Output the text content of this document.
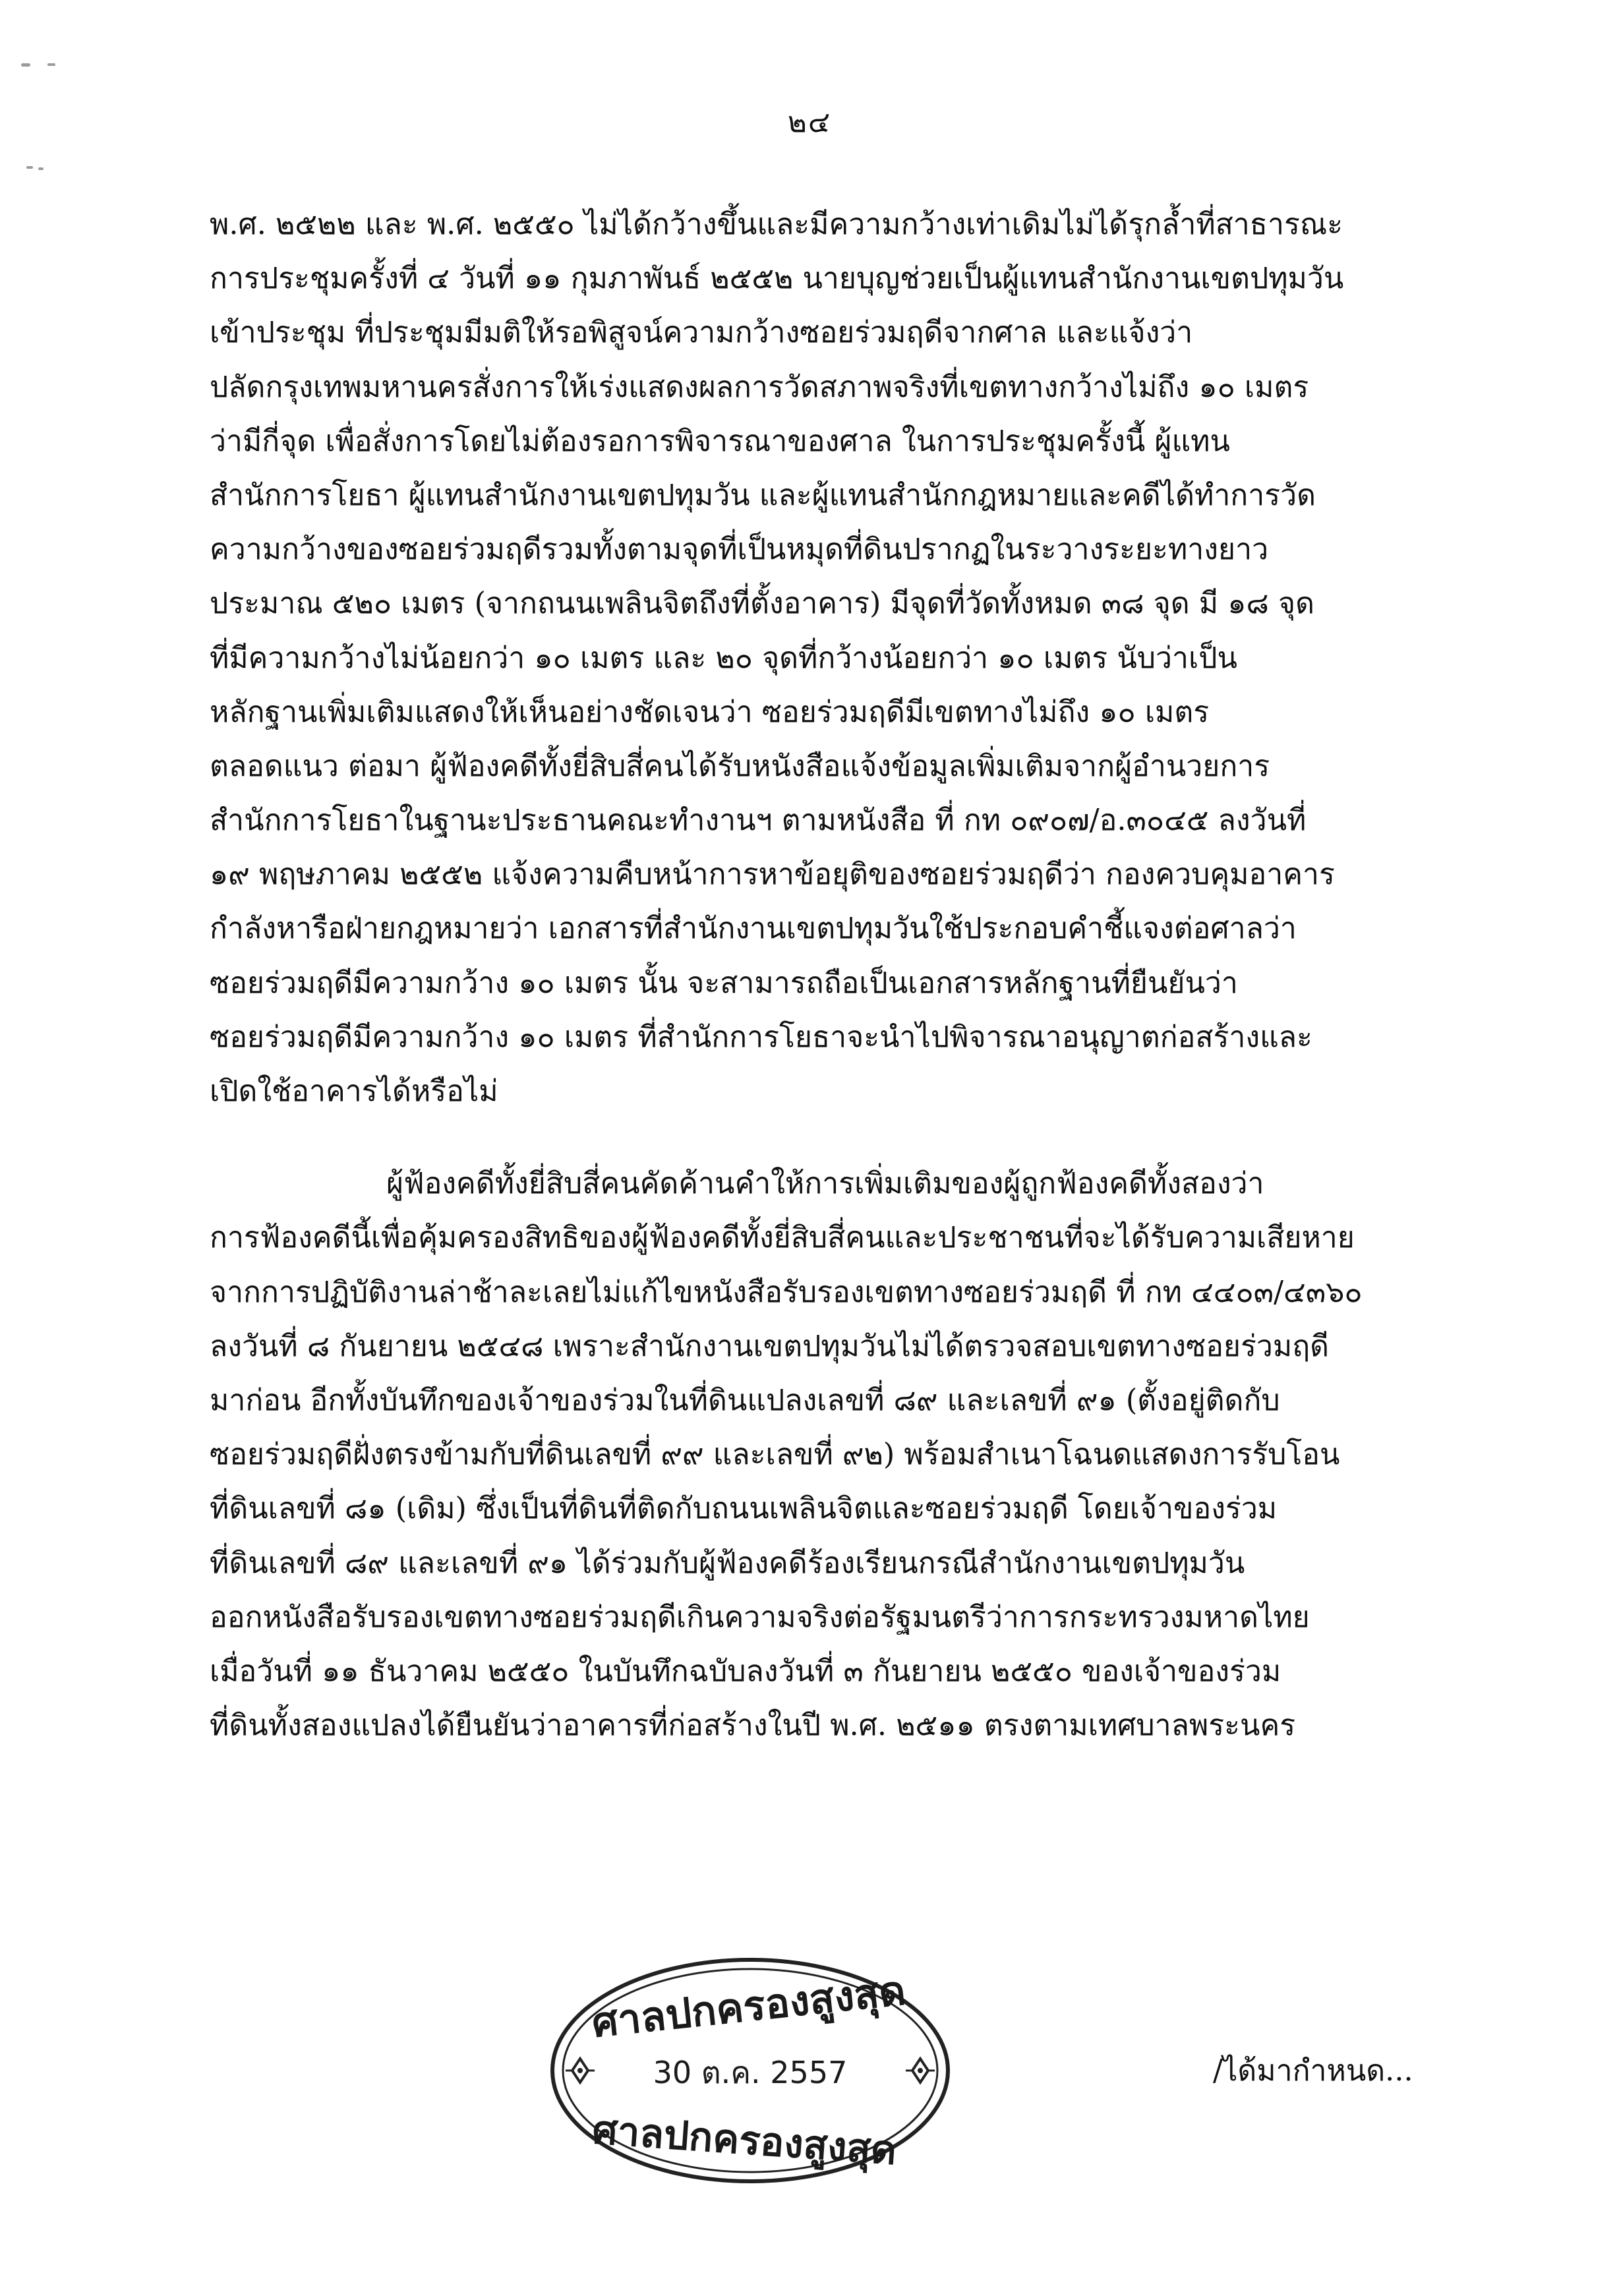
๒๔
พ.ศ. ๒๕๒๒ และ พ.ศ. ๒๕๕๐ ไม่ได้กว้างขึ้นและมีความกว้างเท่าเดิมไม่ได้รุกล้ำที่สาธารณะ
การประชุมครั้งที่ ๔ วันที่ ๑๑ กุมภาพันธ์ ๒๕๕๒ นายบุญช่วยเป็นผู้แทนสำนักงานเขตปทุมวัน
เข้าประชุม ที่ประชุมมีมติให้รอพิสูจน์ความกว้างซอยร่วมฤดีจากศาล และแจ้งว่า
ปลัดกรุงเทพมหานครสั่งการให้เร่งแสดงผลการวัดสภาพจริงที่เขตทางกว้างไม่ถึง ๑๐ เมตร
ว่ามีกี่จุด เพื่อสั่งการโดยไม่ต้องรอการพิจารณาของศาล ในการประชุมครั้งนี้ ผู้แทน
สำนักการโยธา ผู้แทนสำนักงานเขตปทุมวัน และผู้แทนสำนักกฎหมายและคดีได้ทำการวัด
ความกว้างของซอยร่วมฤดีรวมทั้งตามจุดที่เป็นหมุดที่ดินปรากฏในระวางระยะทางยาว
ประมาณ ๕๒๐ เมตร (จากถนนเพลินจิตถึงที่ตั้งอาคาร) มีจุดที่วัดทั้งหมด ๓๘ จุด มี ๑๘ จุด
ที่มีความกว้างไม่น้อยกว่า ๑๐ เมตร และ ๒๐ จุดที่กว้างน้อยกว่า ๑๐ เมตร นับว่าเป็น
หลักฐานเพิ่มเติมแสดงให้เห็นอย่างชัดเจนว่า ซอยร่วมฤดีมีเขตทางไม่ถึง ๑๐ เมตร
ตลอดแนว ต่อมา ผู้ฟ้องคดีทั้งยี่สิบสี่คนได้รับหนังสือแจ้งข้อมูลเพิ่มเติมจากผู้อำนวยการ
สำนักการโยธาในฐานะประธานคณะทำงานฯ ตามหนังสือ ที่ กท ๐๙๐๗/อ.๓๐๔๕ ลงวันที่
๑๙ พฤษภาคม ๒๕๕๒ แจ้งความคืบหน้าการหาข้อยุติของซอยร่วมฤดีว่า กองควบคุมอาคาร
กำลังหารือฝ่ายกฎหมายว่า เอกสารที่สำนักงานเขตปทุมวันใช้ประกอบคำชี้แจงต่อศาลว่า
ซอยร่วมฤดีมีความกว้าง ๑๐ เมตร นั้น จะสามารถถือเป็นเอกสารหลักฐานที่ยืนยันว่า
ซอยร่วมฤดีมีความกว้าง ๑๐ เมตร ที่สำนักการโยธาจะนำไปพิจารณาอนุญาตก่อสร้างและ
เปิดใช้อาคารได้หรือไม่
ผู้ฟ้องคดีทั้งยี่สิบสี่คนคัดค้านคำให้การเพิ่มเติมของผู้ถูกฟ้องคดีทั้งสองว่า
การฟ้องคดีนี้เพื่อคุ้มครองสิทธิของผู้ฟ้องคดีทั้งยี่สิบสี่คนและประชาชนที่จะได้รับความเสียหาย
จากการปฏิบัติงานล่าช้าละเลยไม่แก้ไขหนังสือรับรองเขตทางซอยร่วมฤดี ที่ กท ๔๔๐๓/๔๓๖๐
ลงวันที่ ๘ กันยายน ๒๕๔๘ เพราะสำนักงานเขตปทุมวันไม่ได้ตรวจสอบเขตทางซอยร่วมฤดี
มาก่อน อีกทั้งบันทึกของเจ้าของร่วมในที่ดินแปลงเลขที่ ๘๙ และเลขที่ ๙๑ (ตั้งอยู่ติดกับ
ซอยร่วมฤดีฝั่งตรงข้ามกับที่ดินเลขที่ ๙๙ และเลขที่ ๙๒) พร้อมสำเนาโฉนดแสดงการรับโอน
ที่ดินเลขที่ ๘๑ (เดิม) ซึ่งเป็นที่ดินที่ติดกับถนนเพลินจิตและซอยร่วมฤดี โดยเจ้าของร่วม
ที่ดินเลขที่ ๘๙ และเลขที่ ๙๑ ได้ร่วมกับผู้ฟ้องคดีร้องเรียนกรณีสำนักงานเขตปทุมวัน
ออกหนังสือรับรองเขตทางซอยร่วมฤดีเกินความจริงต่อรัฐมนตรีว่าการกระทรวงมหาดไทย
เมื่อวันที่ ๑๑ ธันวาคม ๒๕๕๐ ในบันทึกฉบับลงวันที่ ๓ กันยายน ๒๕๕๐ ของเจ้าของร่วม
ที่ดินทั้งสองแปลงได้ยืนยันว่าอาคารที่ก่อสร้างในปี พ.ศ. ๒๕๑๑ ตรงตามเทศบาลพระนคร
ศาลปกครองสูงสุด
30 ต.ค. 2557
ศาลปกครองสูงสุด
/ได้มากำหนด...
